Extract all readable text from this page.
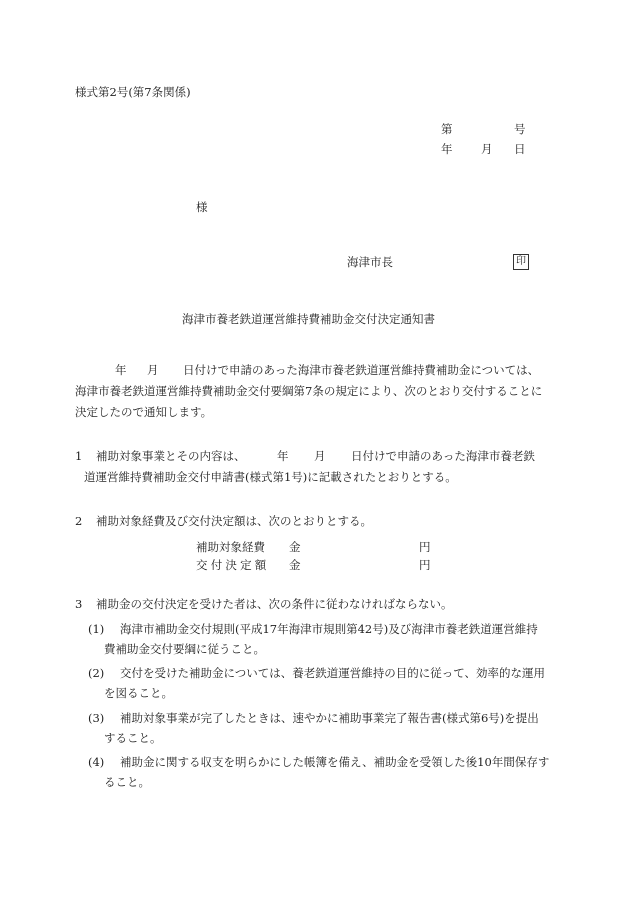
様式第2号(第7条関係)
第	号
年 月 日
様
海津市長	印
海津市養老鉄道運営維持費補助金交付決定通知書
年 月 日付けで申請のあった海津市養老鉄道運営維持費補助金については、
海津市養老鉄道運営維持費補助金交付要綱第7条の規定により、次のとおり交付することに
決定したので通知します。
1 補助対象事業とその内容は、	年 月 日付けで申請のあった海津市養老鉄
道運営維持費補助金交付申請書(様式第1号)に記載されたとおりとする。
2 補助対象経費及び交付決定額は、次のとおりとする。
補助対象経費 金	円
交付決定額 金	円
3 補助金の交付決定を受けた者は、次の条件に従わなければならない。
(1) 海津市補助金交付規則(平成17年海津市規則第42号)及び海津市養老鉄道運営維持
費補助金交付要綱に従うこと。
(2) 交付を受けた補助金については、養老鉄道運営維持の目的に従って、効率的な運用
を図ること。
(3) 補助対象事業が完了したときは、速やかに補助事業完了報告書(様式第6号)を提出
すること。
(4) 補助金に関する収支を明らかにした帳簿を備え、補助金を受領した後10年間保存す
ること。
